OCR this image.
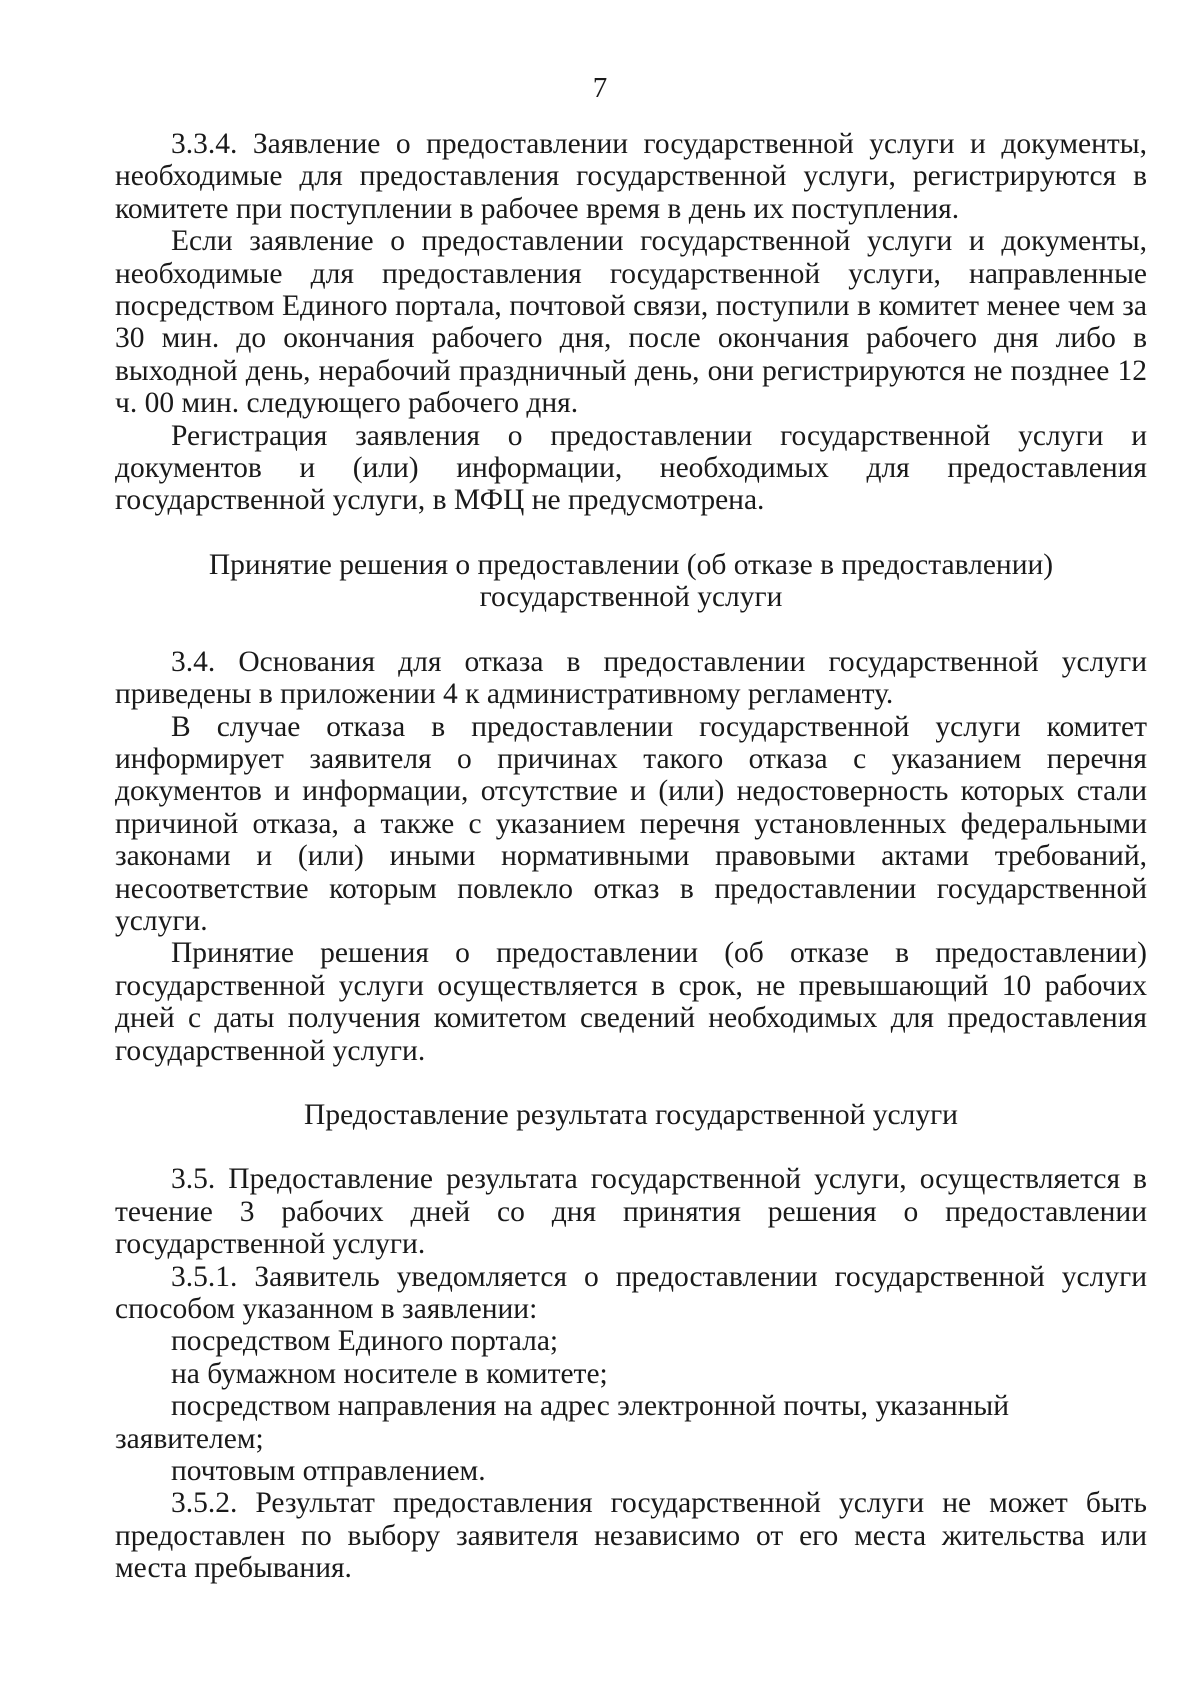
7

3.3.4. Заявление о предоставлении государственной услуги и документы, необходимые для предоставления государственной услуги, регистрируются в комитете при поступлении в рабочее время в день их поступления.

Если заявление о предоставлении государственной услуги и документы, необходимые для предоставления государственной услуги, направленные посредством Единого портала, почтовой связи, поступили в комитет менее чем за 30 мин. до окончания рабочего дня, после окончания рабочего дня либо в выходной день, нерабочий праздничный день, они регистрируются не позднее 12 ч. 00 мин. следующего рабочего дня.

Регистрация заявления о предоставлении государственной услуги и документов и (или) информации, необходимых для предоставления государственной услуги, в МФЦ не предусмотрена.

Принятие решения о предоставлении (об отказе в предоставлении) государственной услуги

3.4. Основания для отказа в предоставлении государственной услуги приведены в приложении 4 к административному регламенту.

В случае отказа в предоставлении государственной услуги комитет информирует заявителя о причинах такого отказа с указанием перечня документов и информации, отсутствие и (или) недостоверность которых стали причиной отказа, а также с указанием перечня установленных федеральными законами и (или) иными нормативными правовыми актами требований, несоответствие которым повлекло отказ в предоставлении государственной услуги.

Принятие решения о предоставлении (об отказе в предоставлении) государственной услуги осуществляется в срок, не превышающий 10 рабочих дней с даты получения комитетом сведений необходимых для предоставления государственной услуги.

Предоставление результата государственной услуги

3.5. Предоставление результата государственной услуги, осуществляется в течение 3 рабочих дней со дня принятия решения о предоставлении государственной услуги.

3.5.1. Заявитель уведомляется о предоставлении государственной услуги способом указанном в заявлении:

посредством Единого портала;

на бумажном носителе в комитете;

посредством направления на адрес электронной почты, указанный заявителем;

почтовым отправлением.

3.5.2. Результат предоставления государственной услуги не может быть предоставлен по выбору заявителя независимо от его места жительства или места пребывания.
